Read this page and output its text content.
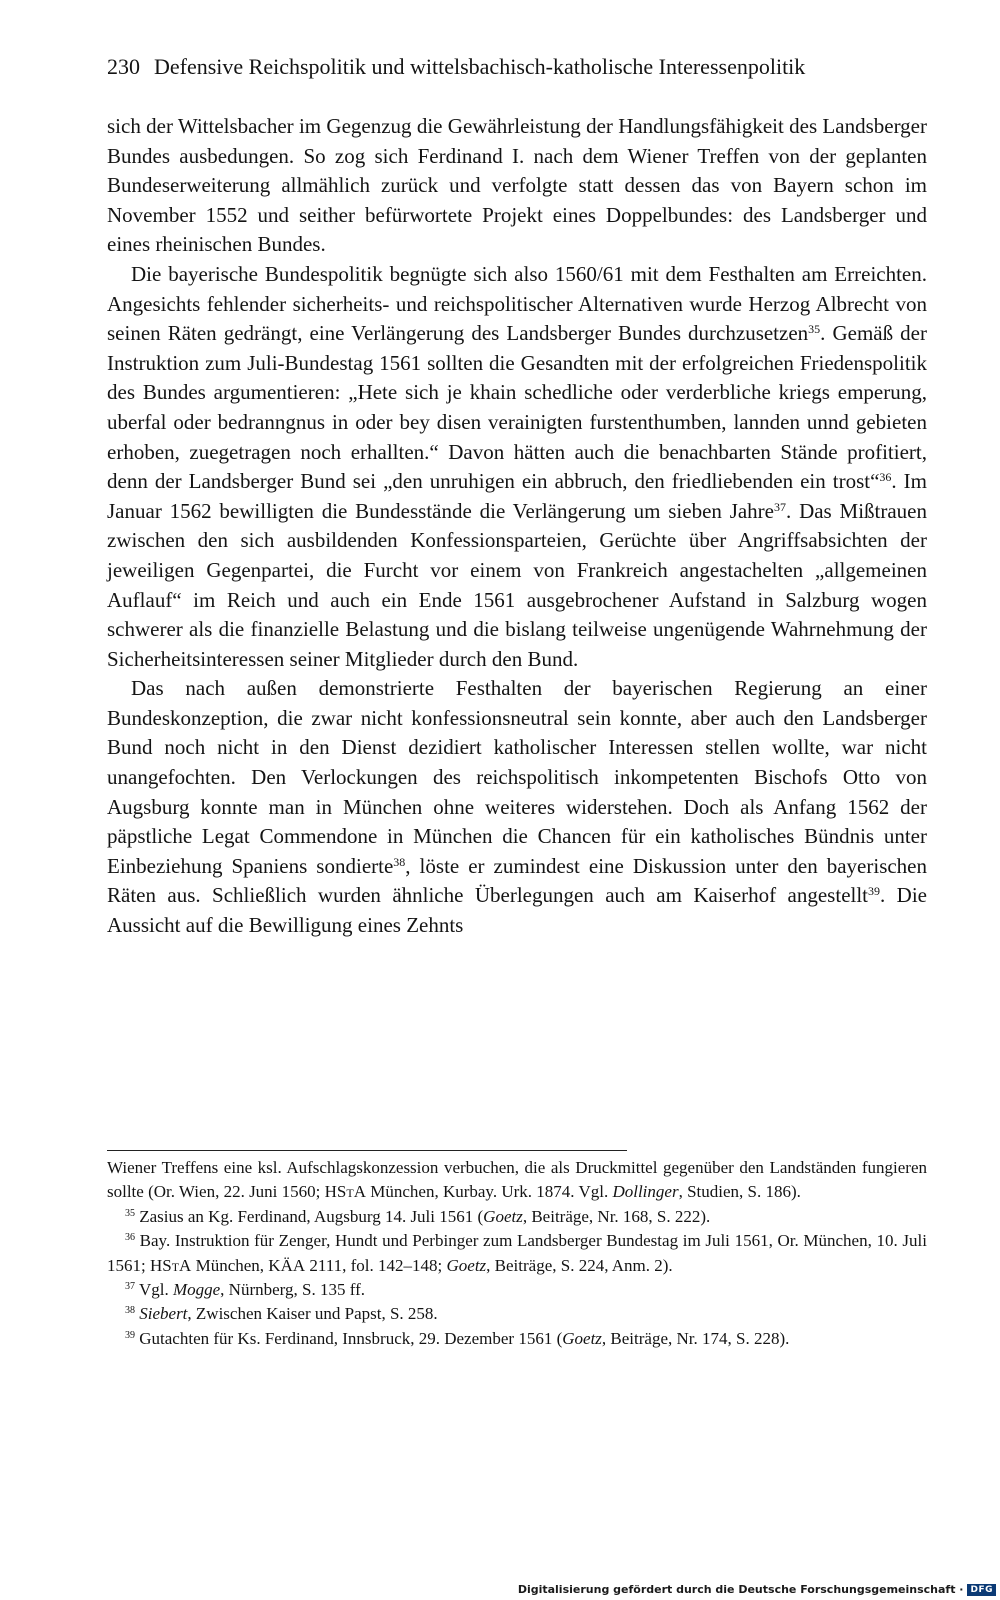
230 Defensive Reichspolitik und wittelsbachisch-katholische Interessenpolitik

sich der Wittelsbacher im Gegenzug die Gewährleistung der Handlungsfähigkeit des Landsberger Bundes ausbedungen. So zog sich Ferdinand I. nach dem Wiener Treffen von der geplanten Bundeserweiterung allmählich zurück und verfolgte statt dessen das von Bayern schon im November 1552 und seither befürwortete Projekt eines Doppelbundes: des Landsberger und eines rheinischen Bundes.

Die bayerische Bundespolitik begnügte sich also 1560/61 mit dem Festhalten am Erreichten. Angesichts fehlender sicherheits- und reichspolitischer Alternativen wurde Herzog Albrecht von seinen Räten gedrängt, eine Verlängerung des Landsberger Bundes durchzusetzen$^{35}$. Gemäß der Instruktion zum Juli-Bundestag 1561 sollten die Gesandten mit der erfolgreichen Friedenspolitik des Bundes argumentieren: „Hete sich je khain schedliche oder verderbliche kriegs emperung, uberfal oder bedranngnus in oder bey disen verainigten furstenthumben, lannden unnd gebieten erhoben, zuegetragen noch erhallten.“ Davon hätten auch die benachbarten Stände profitiert, denn der Landsberger Bund sei „den unruhigen ein abbruch, den friedliebenden ein trost“$^{36}$. Im Januar 1562 bewilligten die Bundesstände die Verlängerung um sieben Jahre$^{37}$. Das Mißtrauen zwischen den sich ausbildenden Konfessionsparteien, Gerüchte über Angriffsabsichten der jeweiligen Gegenpartei, die Furcht vor einem von Frankreich angestachelten „allgemeinen Auflauf“ im Reich und auch ein Ende 1561 ausgebrochener Aufstand in Salzburg wogen schwerer als die finanzielle Belastung und die bislang teilweise ungenügende Wahrnehmung der Sicherheitsinteressen seiner Mitglieder durch den Bund.

Das nach außen demonstrierte Festhalten der bayerischen Regierung an einer Bundeskonzeption, die zwar nicht konfessionsneutral sein konnte, aber auch den Landsberger Bund noch nicht in den Dienst dezidiert katholischer Interessen stellen wollte, war nicht unangefochten. Den Verlockungen des reichspolitisch inkompetenten Bischofs Otto von Augsburg konnte man in München ohne weiteres widerstehen. Doch als Anfang 1562 der päpstliche Legat Commendone in München die Chancen für ein katholisches Bündnis unter Einbeziehung Spaniens sondierte$^{38}$, löste er zumindest eine Diskussion unter den bayerischen Räten aus. Schließlich wurden ähnliche Überlegungen auch am Kaiserhof angestellt$^{39}$. Die Aussicht auf die Bewilligung eines Zehnts

Wiener Treffens eine ksl. Aufschlagskonzession verbuchen, die als Druckmittel gegenüber den Landständen fungieren sollte (Or. Wien, 22. Juni 1560; HStA München, Kurbay. Urk. 1874. Vgl. Dollinger, Studien, S. 186).

$^{35}$ Zasius an Kg. Ferdinand, Augsburg 14. Juli 1561 (Goetz, Beiträge, Nr. 168, S. 222).

$^{36}$ Bay. Instruktion für Zenger, Hundt und Perbinger zum Landsberger Bundestag im Juli 1561, Or. München, 10. Juli 1561; HStA München, KÄA 2111, fol. 142–148; Goetz, Beiträge, S. 224, Anm. 2).

$^{37}$ Vgl. Mogge, Nürnberg, S. 135 ff.

$^{38}$ Siebert, Zwischen Kaiser und Papst, S. 258.

$^{39}$ Gutachten für Ks. Ferdinand, Innsbruck, 29. Dezember 1561 (Goetz, Beiträge, Nr. 174, S. 228).

Digitalisierung gefördert durch die Deutsche Forschungsgemeinschaft · DFG
